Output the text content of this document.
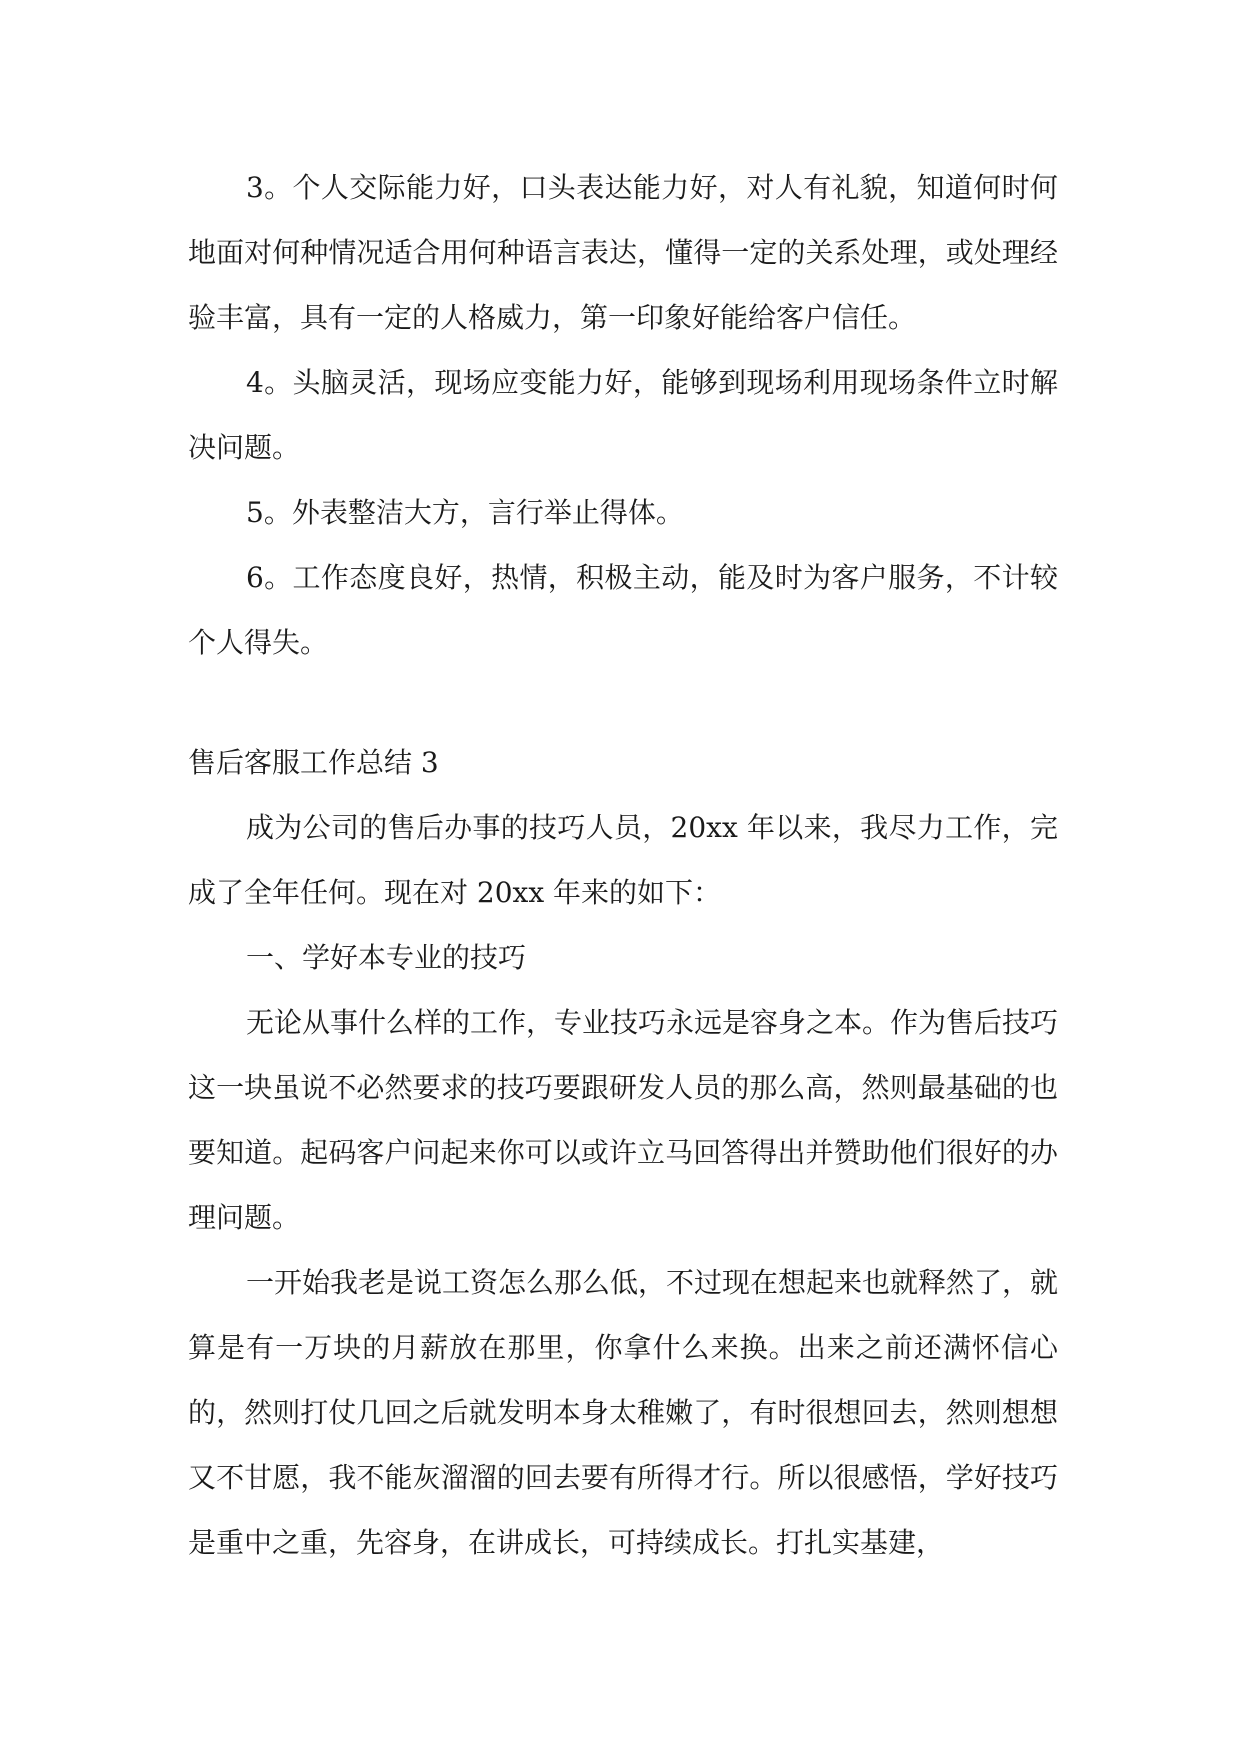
3。个人交际能力好，口头表达能力好，对人有礼貌，知道何时何地面对何种情况适合用何种语言表达，懂得一定的关系处理，或处理经验丰富，具有一定的人格威力，第一印象好能给客户信任。

4。头脑灵活，现场应变能力好，能够到现场利用现场条件立时解决问题。

5。外表整洁大方，言行举止得体。

6。工作态度良好，热情，积极主动，能及时为客户服务，不计较个人得失。

售后客服工作总结 3

成为公司的售后办事的技巧人员，20xx 年以来，我尽力工作，完成了全年任何。现在对 20xx 年来的如下：

一、学好本专业的技巧

无论从事什么样的工作，专业技巧永远是容身之本。作为售后技巧这一块虽说不必然要求的技巧要跟研发人员的那么高，然则最基础的也要知道。起码客户问起来你可以或许立马回答得出并赞助他们很好的办理问题。

一开始我老是说工资怎么那么低，不过现在想起来也就释然了，就算是有一万块的月薪放在那里，你拿什么来换。出来之前还满怀信心的，然则打仗几回之后就发明本身太稚嫩了，有时很想回去，然则想想又不甘愿，我不能灰溜溜的回去要有所得才行。所以很感悟，学好技巧是重中之重，先容身，在讲成长，可持续成长。打扎实基建，
